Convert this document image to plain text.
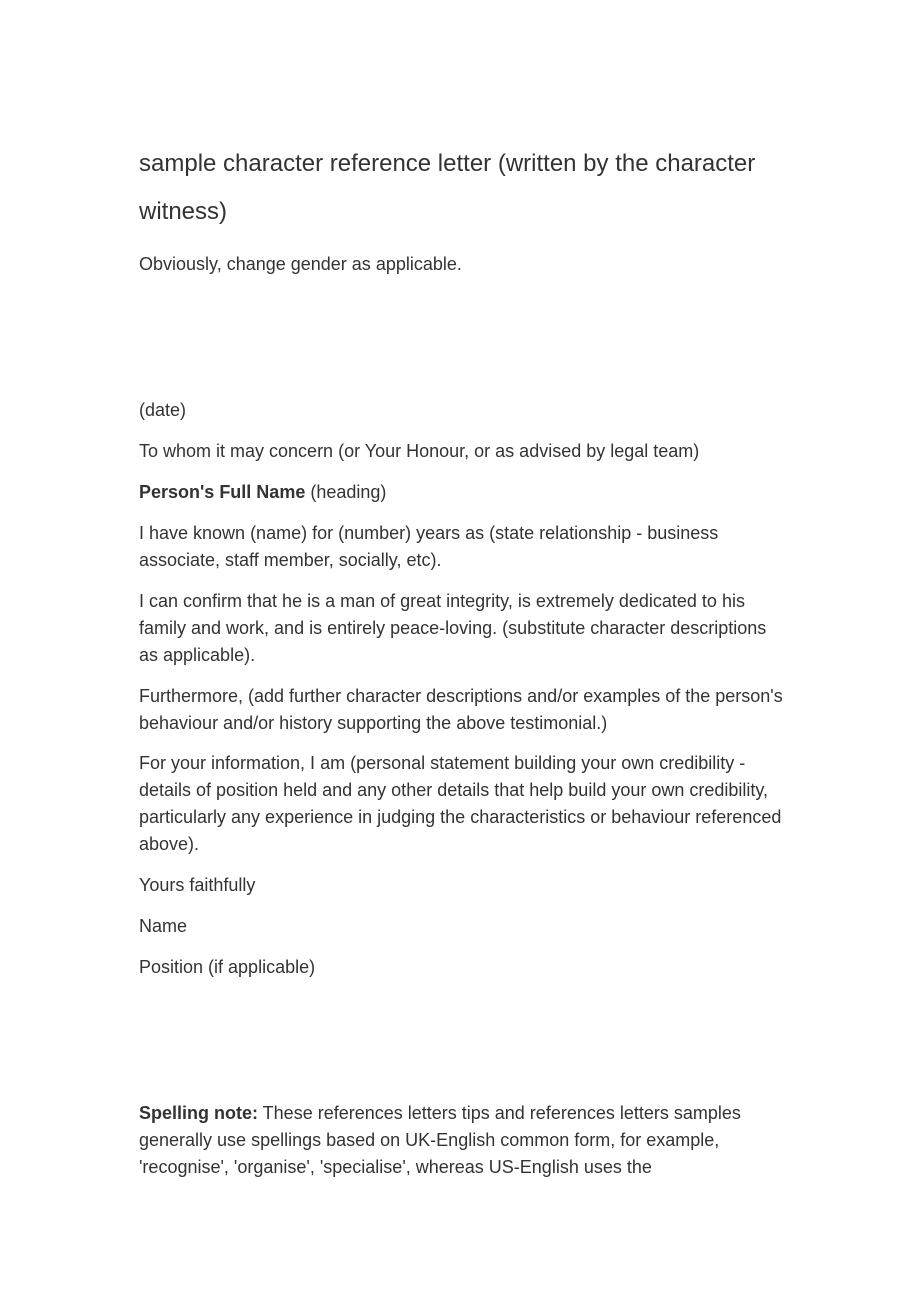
sample character reference letter (written by the character witness)

Obviously, change gender as applicable.

(date)

To whom it may concern (or Your Honour, or as advised by legal team)

Person's Full Name (heading)

I have known (name) for (number) years as (state relationship - business associate, staff member, socially, etc).

I can confirm that he is a man of great integrity, is extremely dedicated to his family and work, and is entirely peace-loving. (substitute character descriptions as applicable).

Furthermore, (add further character descriptions and/or examples of the person's behaviour and/or history supporting the above testimonial.)

For your information, I am (personal statement building your own credibility - details of position held and any other details that help build your own credibility, particularly any experience in judging the characteristics or behaviour referenced above).

Yours faithfully

Name

Position (if applicable)

Spelling note: These references letters tips and references letters samples generally use spellings based on UK-English common form, for example, 'recognise', 'organise', 'specialise', whereas US-English uses the
